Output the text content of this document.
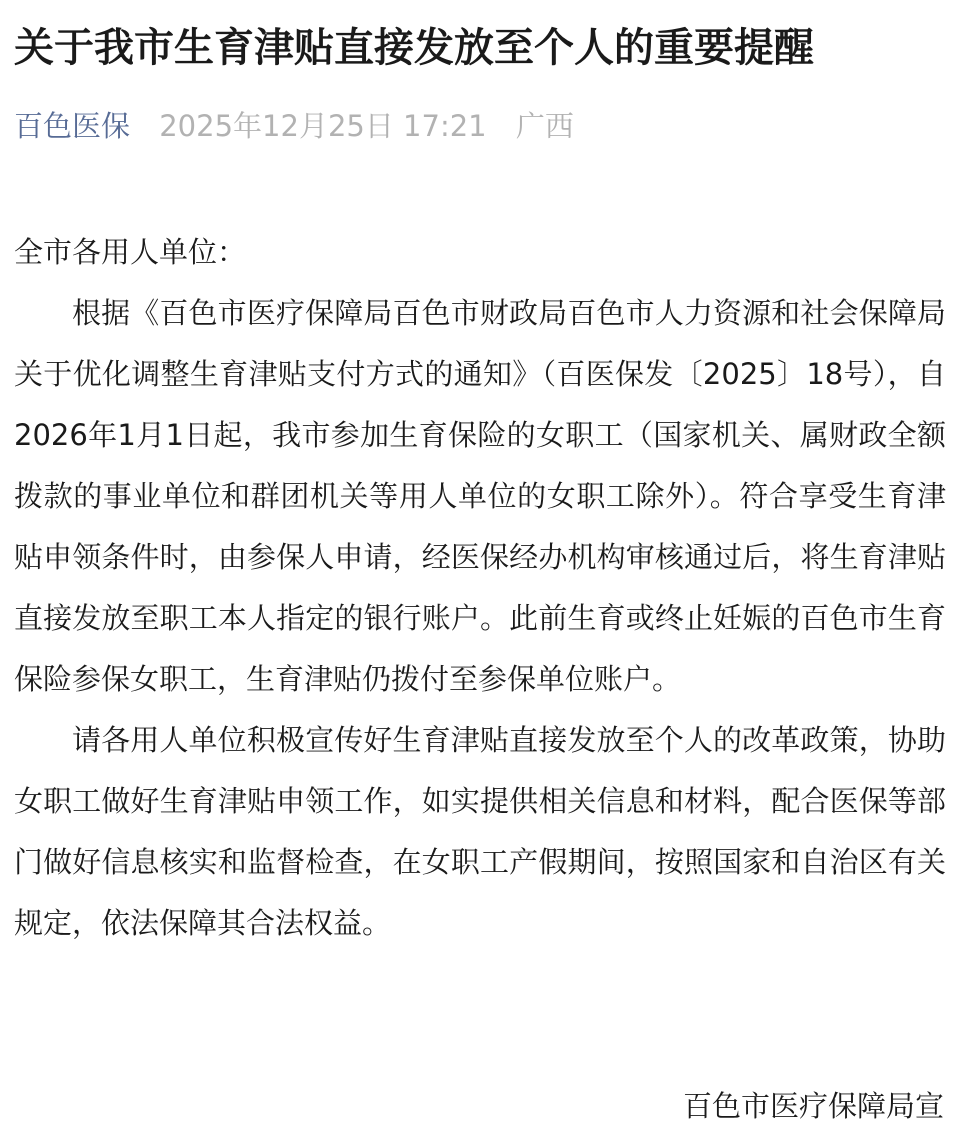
关于我市生育津贴直接发放至个人的重要提醒
百色医保 2025年12月25日 17:21 广西

全市各用人单位：

根据《百色市医疗保障局百色市财政局百色市人力资源和社会保障局关于优化调整生育津贴支付方式的通知》（百医保发〔2025〕18号），自2026年1月1日起，我市参加生育保险的女职工（国家机关、属财政全额拨款的事业单位和群团机关等用人单位的女职工除外）。符合享受生育津贴申领条件时，由参保人申请，经医保经办机构审核通过后，将生育津贴直接发放至职工本人指定的银行账户。此前生育或终止妊娠的百色市生育保险参保女职工，生育津贴仍拨付至参保单位账户。

请各用人单位积极宣传好生育津贴直接发放至个人的改革政策，协助女职工做好生育津贴申领工作，如实提供相关信息和材料，配合医保等部门做好信息核实和监督检查，在女职工产假期间，按照国家和自治区有关规定，依法保障其合法权益。

百色市医疗保障局宣
